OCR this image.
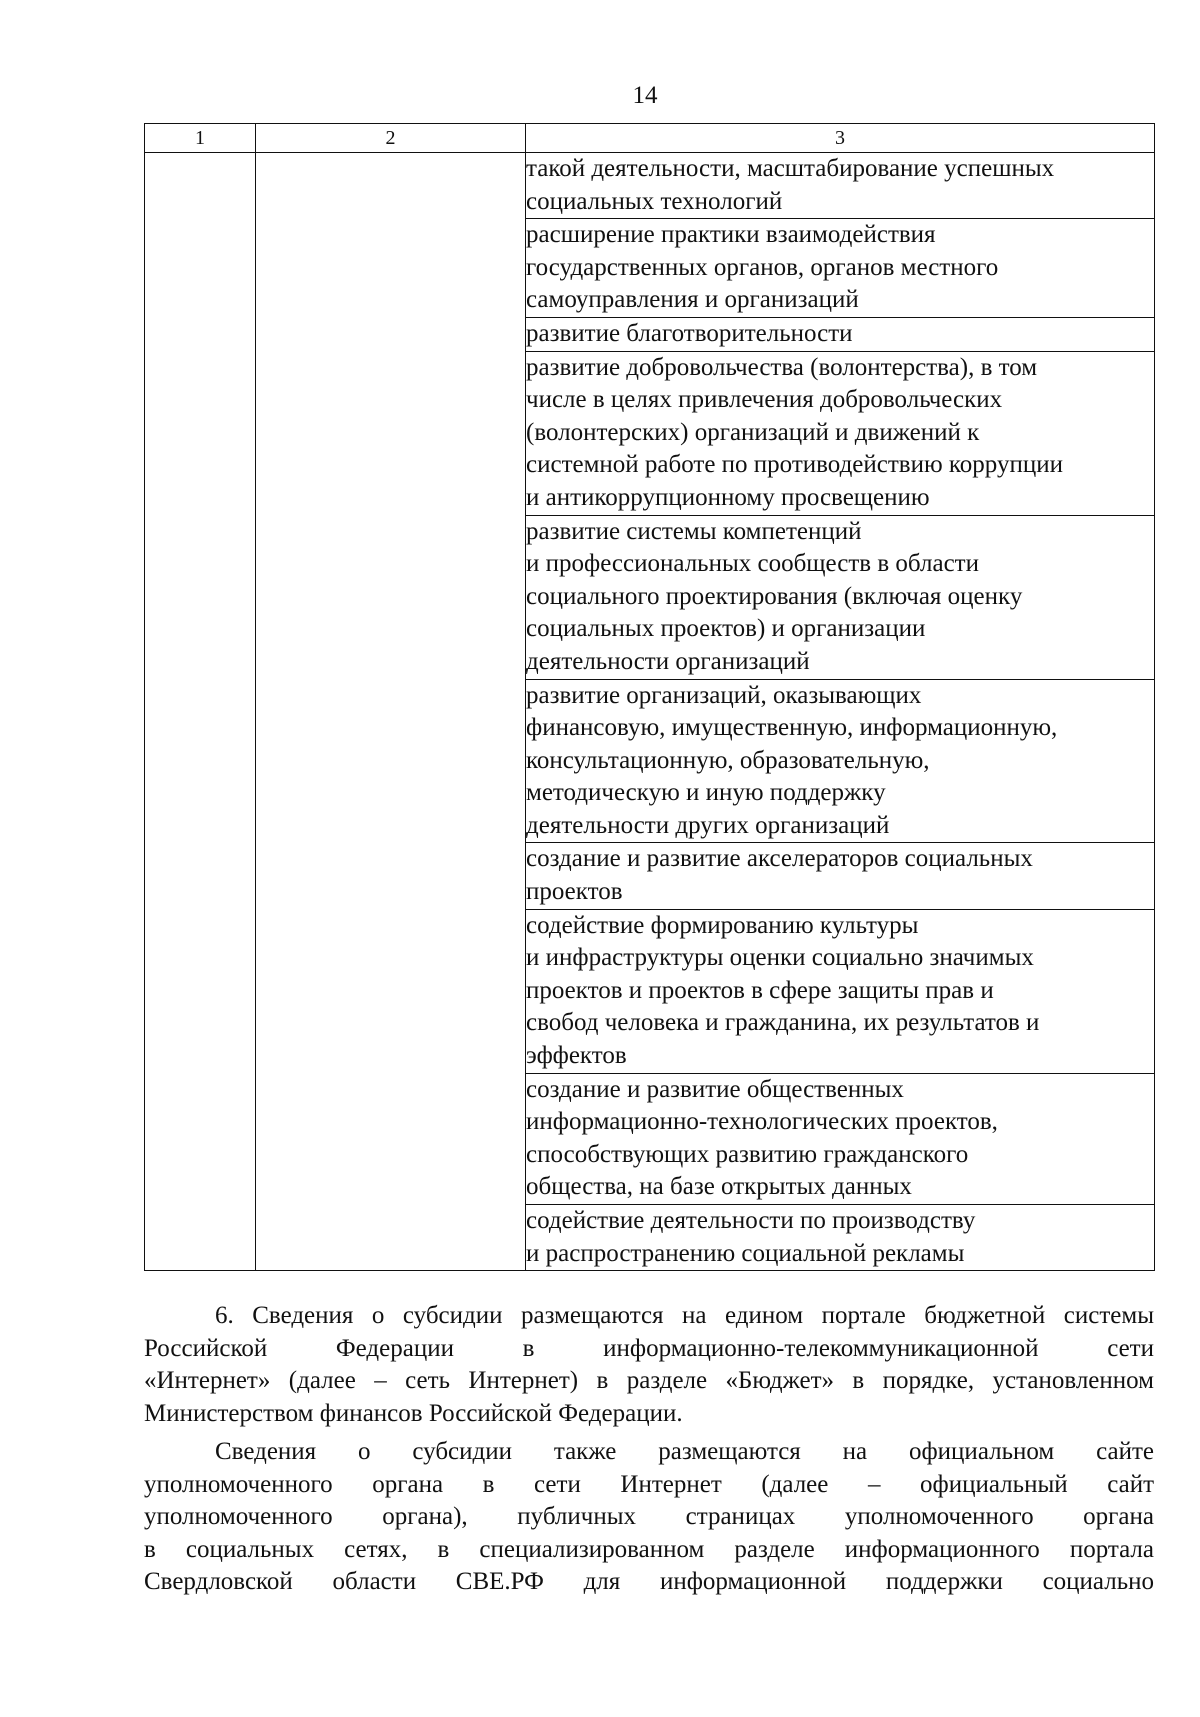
14
1	2	3

		такой деятельности, масштабирование успешных
социальных технологий

		расширение практики взаимодействия
государственных органов, органов местного
самоуправления и организаций

		развитие благотворительности

		развитие добровольчества (волонтерства), в том
числе в целях привлечения добровольческих
(волонтерских) организаций и движений к
системной работе по противодействию коррупции
и антикоррупционному просвещению

		развитие системы компетенций
и профессиональных сообществ в области
социального проектирования (включая оценку
социальных проектов) и организации
деятельности организаций

		развитие организаций, оказывающих
финансовую, имущественную, информационную,
консультационную, образовательную,
методическую и иную поддержку
деятельности других организаций

		создание и развитие акселераторов социальных
проектов

		содействие формированию культуры
и инфраструктуры оценки социально значимых
проектов и проектов в сфере защиты прав и
свобод человека и гражданина, их результатов и
эффектов

		создание и развитие общественных
информационно-технологических проектов,
способствующих развитию гражданского
общества, на базе открытых данных

		содействие деятельности по производству
и распространению социальной рекламы
6. Сведения о субсидии размещаются на едином портале бюджетной системы
Российской Федерации в информационно-телекоммуникационной сети
«Интернет» (далее – сеть Интернет) в разделе «Бюджет» в порядке, установленном
Министерством финансов Российской Федерации.
Сведения о субсидии также размещаются на официальном сайте
уполномоченного органа в сети Интернет (далее – официальный сайт
уполномоченного органа), публичных страницах уполномоченного органа
в социальных сетях, в специализированном разделе информационного портала
Свердловской области СВЕ.РФ для информационной поддержки социально
